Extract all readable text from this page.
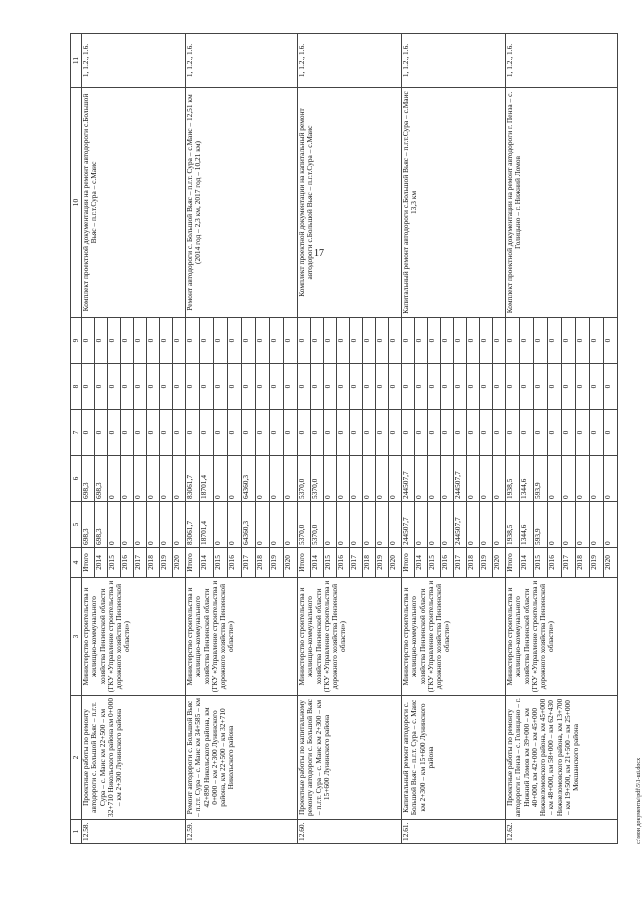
17
1	2	3	4	5	6	7	8	9	10	11
12.58.	Проектные работы по ремонту автодороги с. Большой Вьяс – п.г.т. Сура – с. Маис км 22+500 – км 32+710 Никольского района км 0+000 – км 2+300 Лунинского района	Министерство строительства и жилищно-коммунального хозяйства Пензенской области (ГКУ «Управление строительства и дорожного хозяйства Пензенской области»)	Итого	698,3	698,3	0	0	0	Комплект проектной документации на ремонт автодороги с.Большой Вьяс – п.г.т.Сура – с.Маис	1, 1.2., 1.6.
			2014	698,3	698,3	0	0	0		
			2015	0	0	0	0	0		
			2016	0	0	0	0	0		
			2017	0	0	0	0	0		
			2018	0	0	0	0	0		
			2019	0	0	0	0	0		
			2020	0	0	0	0	0		
12.59.	Ремонт автодороги с. Большой Вьяс – п.г.т. Сура – с. Маис км 34+585 – км 42+890 Никольского района, км 0+000 – км 2+300 Лунинского района, км 22+500 – км 32+710 Никольского района	Министерство строительства и жилищно-коммунального хозяйства Пензенской области (ГКУ «Управление строительства и дорожного хозяйства Пензенской области»)	Итого	83061,7	83061,7	0	0	0	Ремонт автодороги с. Большой Вьяс – п.г.т. Сура – с.Маис – 12,51 км (2014 год – 2,3 км, 2017 год – 10,21 км)	1, 1.2., 1.6.
			2014	18701,4	18701,4	0	0	0		
			2015	0	0	0	0	0		
			2016	0	0	0	0	0		
			2017	64360,3	64360,3	0	0	0		
			2018	0	0	0	0	0		
			2019	0	0	0	0	0		
			2020	0	0	0	0	0		
12.60.	Проектные работы по капитальному ремонту автодороги с. Большой Вьяс – п.г.т. Сура – с. Маис км 2+300 – км 15+600 Лунинского района	Министерство строительства и жилищно-коммунального хозяйства Пензенской области (ГКУ «Управление строительства и дорожного хозяйства Пензенской области»)	Итого	5370,0	5370,0	0	0	0	Комплект проектной документации на капитальный ремонт автодороги с.Большой Вьяс – п.г.т.Сура – с.Маис	1, 1.2., 1.6.
			2014	5370,0	5370,0	0	0	0		
			2015	0	0	0	0	0		
			2016	0	0	0	0	0		
			2017	0	0	0	0	0		
			2018	0	0	0	0	0		
			2019	0	0	0	0	0		
			2020	0	0	0	0	0		
12.61.	Капитальный ремонт автодороги с. Большой Вьяс – п.г.т. Сура – с. Маис км 2+300 – км 15+600 Лунинского района	Министерство строительства и жилищно-коммунального хозяйства Пензенской области (ГКУ «Управление строительства и дорожного хозяйства Пензенской области»)	Итого	244507,7	244507,7	0	0	0	Капитальный ремонт автодороги с.Большой Вьяс – п.г.т.Сура – с.Маис 13,3 км	1, 1.2., 1.6.
			2014	0	0	0	0	0		
			2015	0	0	0	0	0		
			2016	0	0	0	0	0		
			2017	244507,7	244507,7	0	0	0		
			2018	0	0	0	0	0		
			2019	0	0	0	0	0		
			2020	0	0	0	0	0		
12.62.	Проектные работы по ремонту автодороги г. Пензa – с. Голицыно – г. Нижний Ломов км 39+000 – км 40+000, км 42+000 – км 45+000 Нижнеломовского района, км 45+000 – км 48+000, км 58+000 – км 62+430 Нижнеломовского района, км 13+700 – км 19+500, км 21+500 – км 25+000 Мокшанского района	Министерство строительства и жилищно-коммунального хозяйства Пензенской области (ГКУ «Управление строительства и дорожного хозяйства Пензенской области»)	Итого	1938,5	1938,5	0	0	0	Комплект проектной документации на ремонт автодороги г. Пенза – с. Голицыно – г. Нижний Ломов	1, 1.2., 1.6.
			2014	1344,6	1344,6	0	0	0		
			2015	593,9	593,9	0	0	0		
			2016	0	0	0	0	0		
			2017	0	0	0	0	0		
			2018	0	0	0	0	0		
			2019	0	0	0	0	0		
			2020	0	0	0	0	0		
c:\мои документы\pdf\5\1-ші.docx
